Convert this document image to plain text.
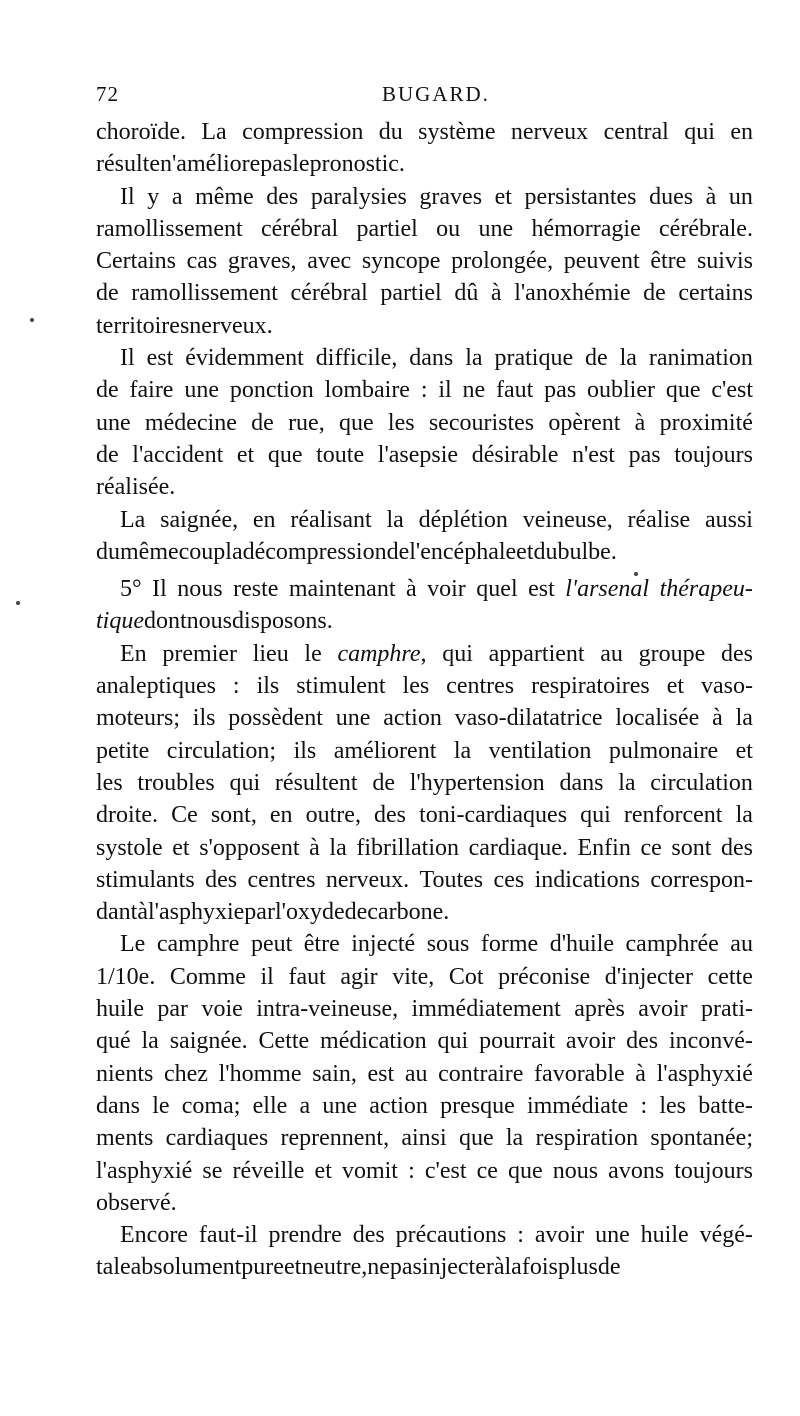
72	BUGARD.
choroïde. La compression du système nerveux central qui en
résulte n'améliore pas le pronostic.
Il y a même des paralysies graves et persistantes dues à un
ramollissement cérébral partiel ou une hémorragie cérébrale.
Certains cas graves, avec syncope prolongée, peuvent être suivis
de ramollissement cérébral partiel dû à l'anoxhémie de certains
territoires nerveux.
Il est évidemment difficile, dans la pratique de la ranimation
de faire une ponction lombaire : il ne faut pas oublier que c'est
une médecine de rue, que les secouristes opèrent à proximité
de l'accident et que toute l'asepsie désirable n'est pas toujours
réalisée.
La saignée, en réalisant la déplétion veineuse, réalise aussi
du même coup la décompression de l'encéphale et du bulbe.
5° Il nous reste maintenant à voir quel est l'arsenal thérapeu-
tique dont nous disposons.
En premier lieu le camphre, qui appartient au groupe des
analeptiques : ils stimulent les centres respiratoires et vaso-
moteurs; ils possèdent une action vaso-dilatatrice localisée à la
petite circulation; ils améliorent la ventilation pulmonaire et
les troubles qui résultent de l'hypertension dans la circulation
droite. Ce sont, en outre, des toni-cardiaques qui renforcent la
systole et s'opposent à la fibrillation cardiaque. Enfin ce sont des
stimulants des centres nerveux. Toutes ces indications correspon-
dant à l'asphyxie par l'oxyde de carbone.
Le camphre peut être injecté sous forme d'huile camphrée au
1/10e. Comme il faut agir vite, Cot préconise d'injecter cette
huile par voie intra-veineuse, immédiatement après avoir prati-
qué la saignée. Cette médication qui pourrait avoir des inconvé-
nients chez l'homme sain, est au contraire favorable à l'asphyxié
dans le coma; elle a une action presque immédiate : les batte-
ments cardiaques reprennent, ainsi que la respiration spontanée;
l'asphyxié se réveille et vomit : c'est ce que nous avons toujours
observé.
Encore faut-il prendre des précautions : avoir une huile végé-
tale absolument pure et neutre, ne pas injecter à la fois plus de
